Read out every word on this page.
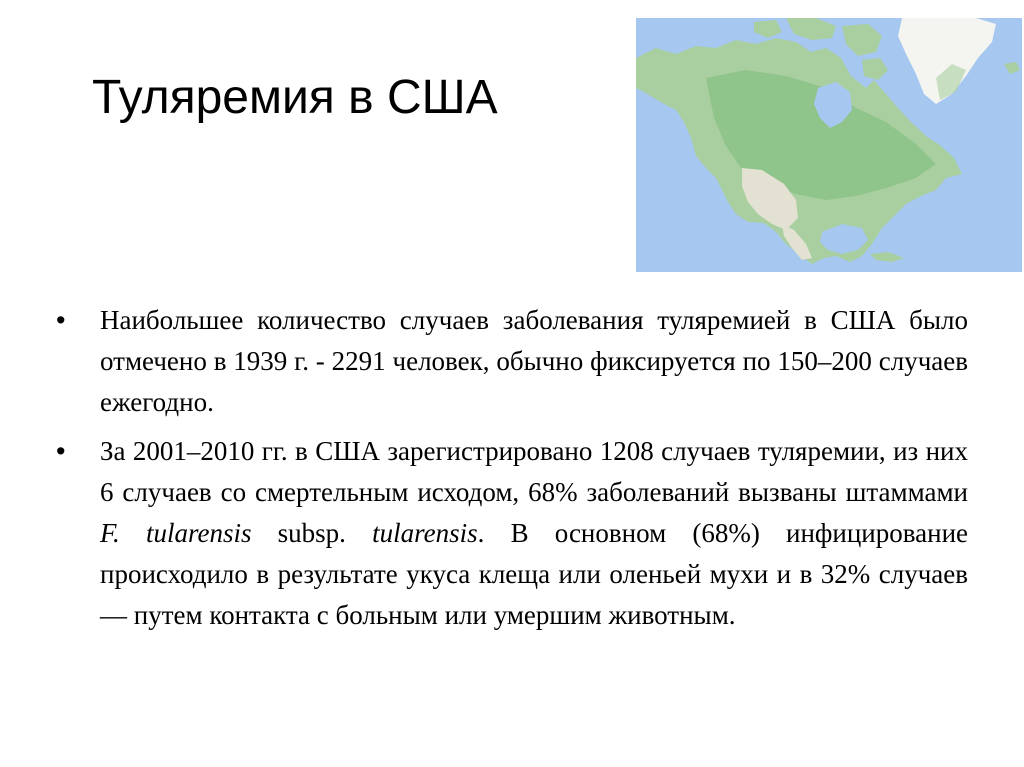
Туляремия в США
• Наибольшее количество случаев заболевания туляремией в США было отмечено в 1939 г. - 2291 человек, обычно фиксируется по 150–200 случаев ежегодно.
• За 2001–2010 гг. в США зарегистрировано 1208 случаев туляремии, из них 6 случаев со смертельным исходом, 68% заболеваний вызваны штаммами F. tularensis subsp. tularensis. В основном (68%) инфицирование происходило в результате укуса клеща или оленьей мухи и в 32% случаев — путем контакта с больным или умершим животным.
